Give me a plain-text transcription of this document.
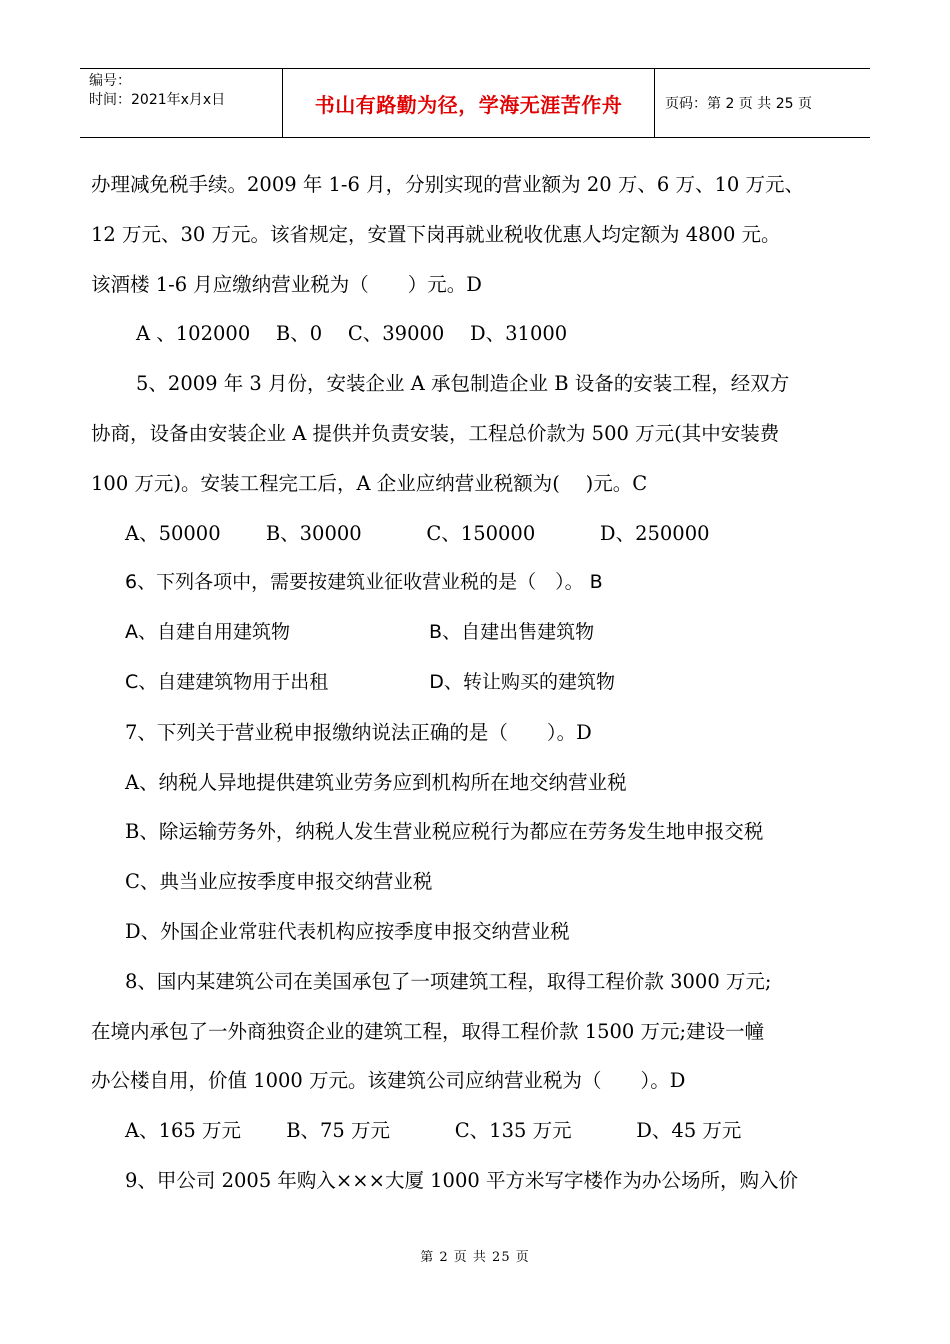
编号：
时间：2021年x月x日	书山有路勤为径，学海无涯苦作舟	页码：第 2 页 共 25 页
办理减免税手续。2009 年 1-6 月，分别实现的营业额为 20 万、6 万、10 万元、
12 万元、30 万元。该省规定，安置下岗再就业税收优惠人均定额为 4800 元。
该酒楼 1-6 月应缴纳营业税为（　　）元。D
A 、102000　 B、0　 C、39000　 D、31000
5、2009 年 3 月份，安装企业 A 承包制造企业 B 设备的安装工程，经双方
协商，设备由安装企业 A 提供并负责安装，工程总价款为 500 万元(其中安装费
100 万元)。安装工程完工后，A 企业应纳营业税额为(　 )元。C
A、50000　　 B、30000　　　 C、150000　　　 D、250000
6、下列各项中，需要按建筑业征收营业税的是（　）。 B
A、自建自用建筑物　　　　　　　 B、自建出售建筑物
C、自建建筑物用于出租　　　　　 D、转让购买的建筑物
7、下列关于营业税申报缴纳说法正确的是（　　）。D
A、纳税人异地提供建筑业劳务应到机构所在地交纳营业税
B、除运输劳务外，纳税人发生营业税应税行为都应在劳务发生地申报交税
C、典当业应按季度申报交纳营业税
D、外国企业常驻代表机构应按季度申报交纳营业税
8、国内某建筑公司在美国承包了一项建筑工程，取得工程价款 3000 万元;
在境内承包了一外商独资企业的建筑工程，取得工程价款 1500 万元;建设一幢
办公楼自用，价值 1000 万元。该建筑公司应纳营业税为（　　）。D
A、165 万元　　 B、75 万元　　　 C、135 万元　　　 D、45 万元
9、甲公司 2005 年购入×××大厦 1000 平方米写字楼作为办公场所，购入价
第 2 页 共 25 页
